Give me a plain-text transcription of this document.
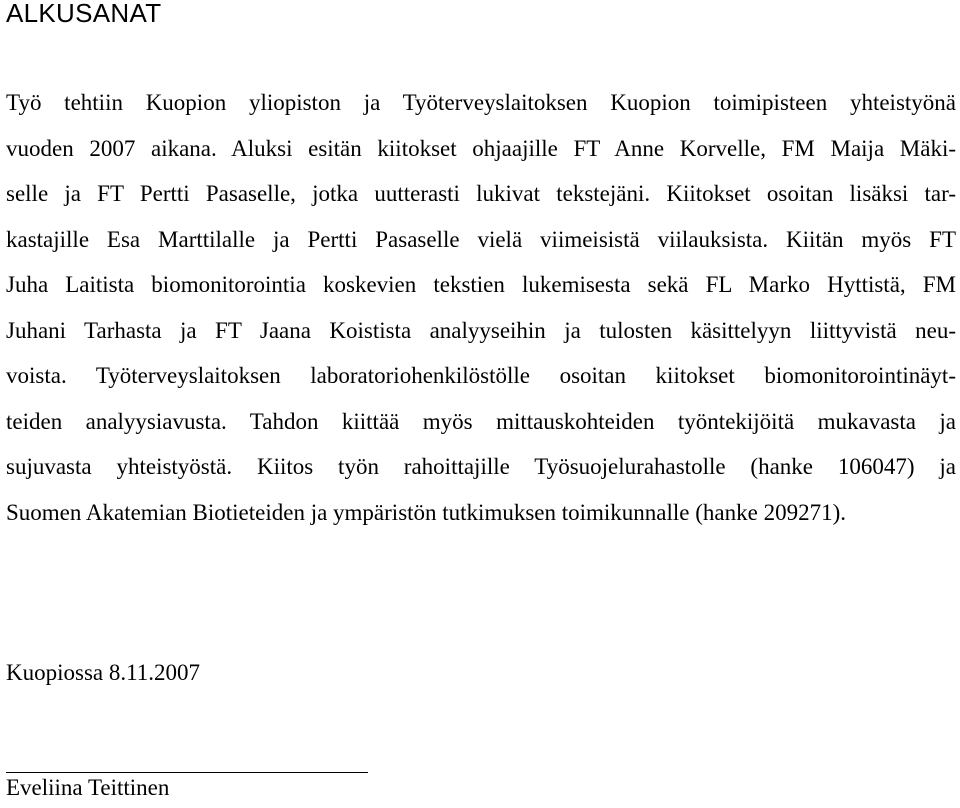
ALKUSANAT

Työ tehtiin Kuopion yliopiston ja Työterveyslaitoksen Kuopion toimipisteen yhteistyönä
vuoden 2007 aikana. Aluksi esitän kiitokset ohjaajille FT Anne Korvelle, FM Maija Mäki-
selle ja FT Pertti Pasaselle, jotka uutterasti lukivat tekstejäni. Kiitokset osoitan lisäksi tar-
kastajille Esa Marttilalle ja Pertti Pasaselle vielä viimeisistä viilauksista. Kiitän myös FT
Juha Laitista biomonitorointia koskevien tekstien lukemisesta sekä FL Marko Hyttistä, FM
Juhani Tarhasta ja FT Jaana Koistista analyyseihin ja tulosten käsittelyyn liittyvistä neu-
voista. Työterveyslaitoksen laboratoriohenkilöstölle osoitan kiitokset biomonitorointinäyt-
teiden analyysiavusta. Tahdon kiittää myös mittauskohteiden työntekijöitä mukavasta ja
sujuvasta yhteistyöstä. Kiitos työn rahoittajille Työsuojelurahastolle (hanke 106047) ja
Suomen Akatemian Biotieteiden ja ympäristön tutkimuksen toimikunnalle (hanke 209271).

Kuopiossa 8.11.2007

Eveliina Teittinen
